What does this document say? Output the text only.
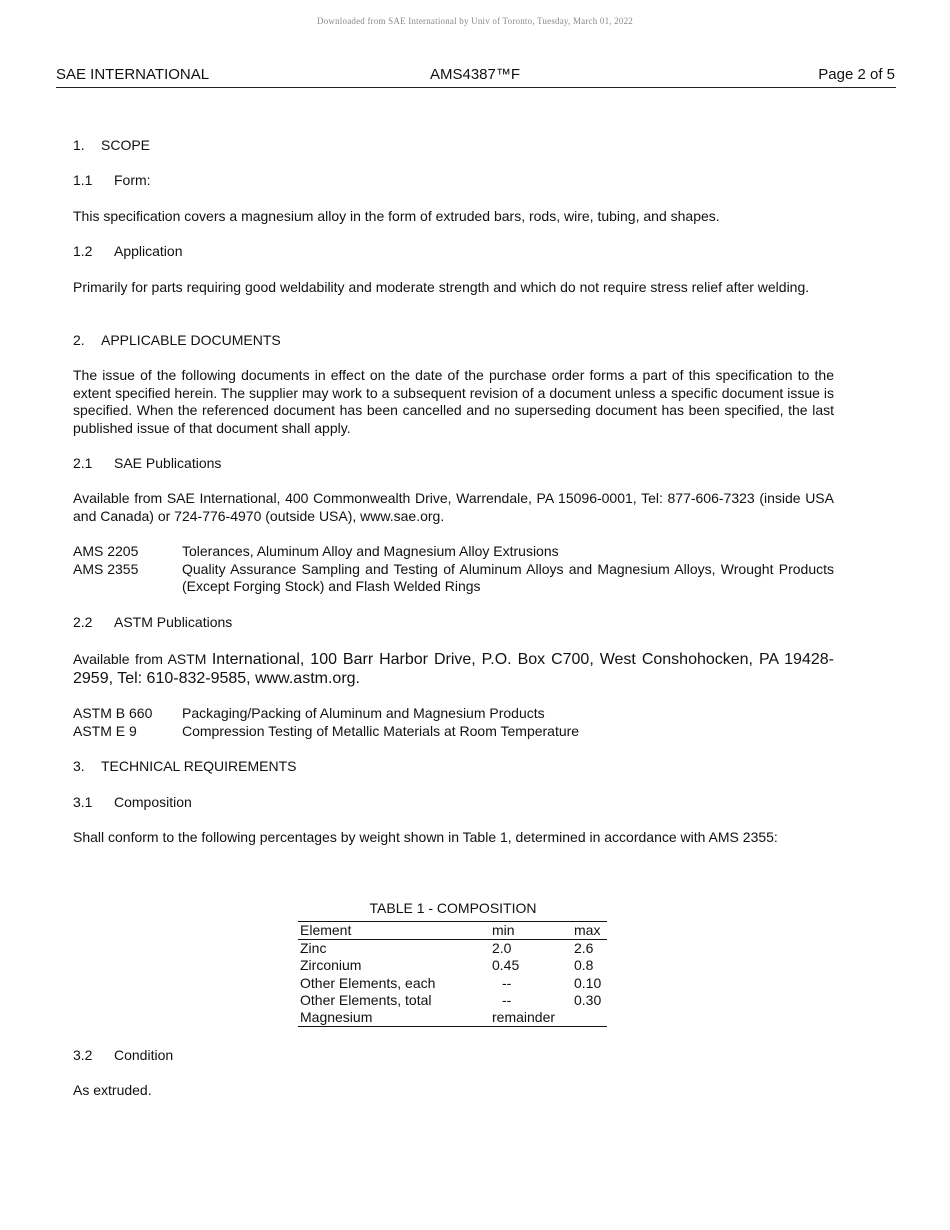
Downloaded from SAE International by Univ of Toronto, Tuesday, March 01, 2022
SAE INTERNATIONAL	AMS4387™F	Page 2 of 5
1. SCOPE
1.1 Form:
This specification covers a magnesium alloy in the form of extruded bars, rods, wire, tubing, and shapes.
1.2 Application
Primarily for parts requiring good weldability and moderate strength and which do not require stress relief after welding.
2. APPLICABLE DOCUMENTS
The issue of the following documents in effect on the date of the purchase order forms a part of this specification to the extent specified herein. The supplier may work to a subsequent revision of a document unless a specific document issue is specified. When the referenced document has been cancelled and no superseding document has been specified, the last published issue of that document shall apply.
2.1 SAE Publications
Available from SAE International, 400 Commonwealth Drive, Warrendale, PA 15096-0001, Tel: 877-606-7323 (inside USA and Canada) or 724-776-4970 (outside USA), www.sae.org.
AMS 2205	Tolerances, Aluminum Alloy and Magnesium Alloy Extrusions
AMS 2355	Quality Assurance Sampling and Testing of Aluminum Alloys and Magnesium Alloys, Wrought Products (Except Forging Stock) and Flash Welded Rings
2.2 ASTM Publications
Available from ASTM International, 100 Barr Harbor Drive, P.O. Box C700, West Conshohocken, PA 19428-2959, Tel: 610-832-9585, www.astm.org.
ASTM B 660 Packaging/Packing of Aluminum and Magnesium Products
ASTM E 9	Compression Testing of Metallic Materials at Room Temperature
3. TECHNICAL REQUIREMENTS
3.1 Composition
Shall conform to the following percentages by weight shown in Table 1, determined in accordance with AMS 2355:
TABLE 1 - COMPOSITION
Element	min	max
Zinc	2.0	2.6
Zirconium	0.45	0.8
Other Elements, each	--	0.10
Other Elements, total	--	0.30
Magnesium	remainder	
3.2 Condition
As extruded.
